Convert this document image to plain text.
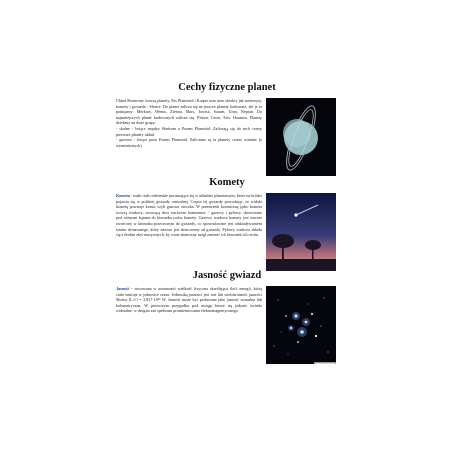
Cechy fizyczne planet

Układ Słoneczny tworzą planety, Pas Planetoid i Kuiper oraz inne obiekty jak meteoryty, komety i gwiazda - Słońce. Do planet zalicza się na jeszcze planety karłowate, ale je to pomijamy: Merkury, Wenus, Ziemia, Mars, Jowisz, Saturn, Uran, Neptun. Do najmniejszych planet karłowatych zalicza się: Pluton, Ceres, Eris, Haumea, Planety dzielimy na dwie grupy:

- skalne - leżące między Słońcem a Pasem Planetoid. Zaliczają się do nich cztery pierwsze planety układ.

- gazowe - leżące poza Pasem Planetoid. Zaliczane są tu planety cztery ostatnie (z wymienionych).

Komety

Kometa - małe ciało niebieskie poruszające się w układzie planetarnym, które na krótko pojawia się w polskiej gwiazdy centralnej. Często tej gwiazdy powodując, że widoki kometę powstaje koma, czyli gazowa otoczka. W przestrzeni kosmiczną jądro kometa tworzą warkocz, tworzącą dwa warkocze kometarne: - gazowy i pyłowy, skierowane pod różnymi kątami do kierunku ruchu komety. Gazowy warkocz komety jest zawsze zwrócony w kierunku przeciwnym do gwiazdy, co spowodowane jest oddziaływaniem wiatru słonecznego, który zawsze jest skierowany od gwiazdy. Pyłowy warkocz składa się z drobin zbyt masywnych, by wiatr słoneczny mógł zmienić ich kierunek ich ruchu.

Jasność gwiazd

Jasność - stosowana w astronomii wielkość fizyczna określająca ilość energii, którą ciało emituje w jednostce czasu. Jednostką jasności jest wat lub wielokrotność jasności Słońca (L☉) = 3,827·10²⁶ W. Jasność może być podawana jako jasność wizualna lub bolometryczna. W pierwszym przypadku pod uwagę bierze się jedynie światło widzialne, w drugim zaś spektrum promieniowania elektromagnetycznego.
